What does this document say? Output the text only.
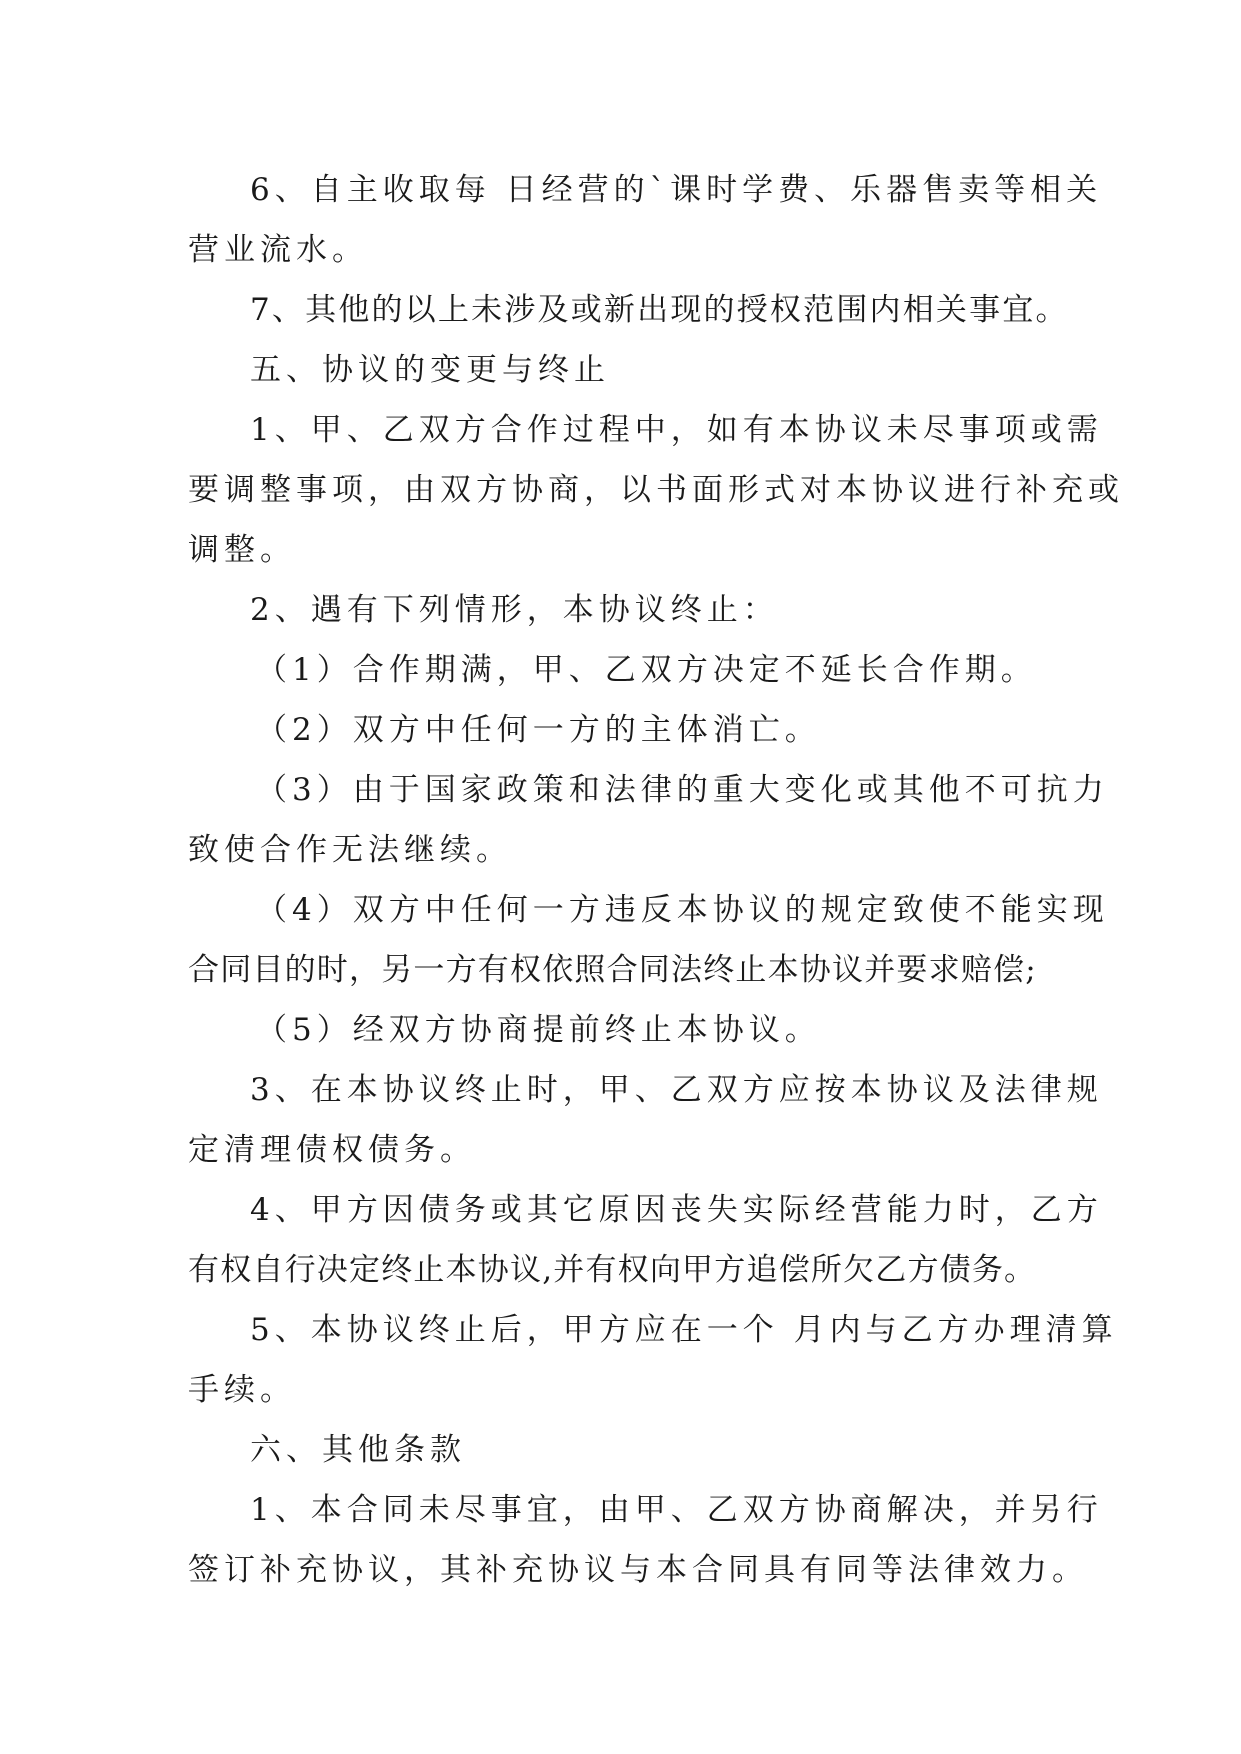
6、自主收取每 日经营的`课时学费、乐器售卖等相关
营业流水。
7、其他的以上未涉及或新出现的授权范围内相关事宜。
五、协议的变更与终止
1、甲、乙双方合作过程中，如有本协议未尽事项或需
要调整事项，由双方协商，以书面形式对本协议进行补充或
调整。
2、遇有下列情形，本协议终止：
（1）合作期满，甲、乙双方决定不延长合作期。
（2）双方中任何一方的主体消亡。
（3）由于国家政策和法律的重大变化或其他不可抗力
致使合作无法继续。
（4）双方中任何一方违反本协议的规定致使不能实现
合同目的时，另一方有权依照合同法终止本协议并要求赔偿;
（5）经双方协商提前终止本协议。
3、在本协议终止时，甲、乙双方应按本协议及法律规
定清理债权债务。
4、甲方因债务或其它原因丧失实际经营能力时，乙方
有权自行决定终止本协议,并有权向甲方追偿所欠乙方债务。
5、本协议终止后，甲方应在一个 月内与乙方办理清算
手续。
六、其他条款
1、本合同未尽事宜，由甲、乙双方协商解决，并另行
签订补充协议，其补充协议与本合同具有同等法律效力。
